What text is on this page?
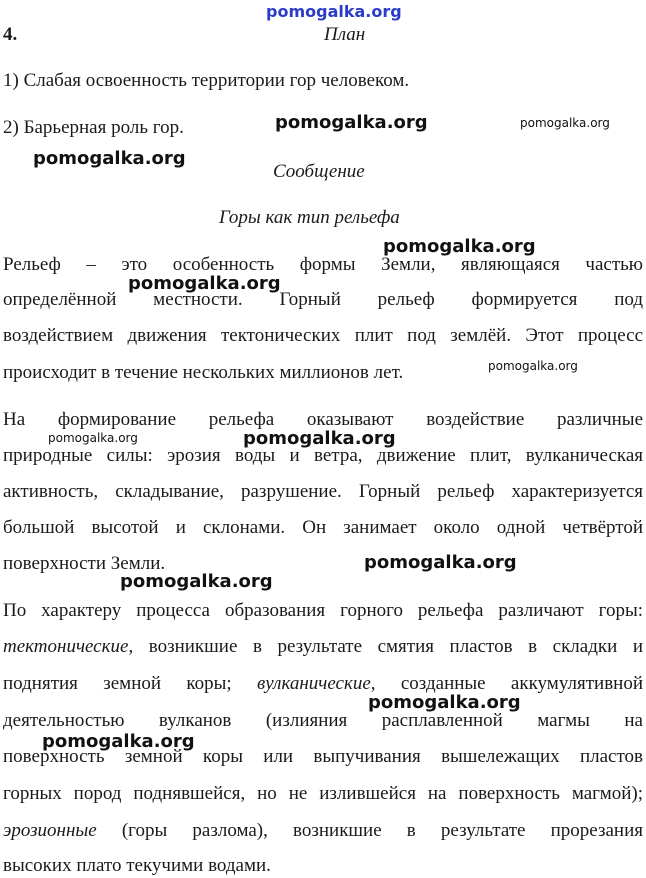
pomogalka.org
4.	План
1) Слабая освоенность территории гор человеком.
2) Барьерная роль гор.
Сообщение
Горы как тип рельефа
Рельеф – это особенность формы Земли, являющаяся частью
определённой местности. Горный рельеф формируется под
воздействием движения тектонических плит под землёй. Этот процесс
происходит в течение нескольких миллионов лет.
На формирование рельефа оказывают воздействие различные
природные силы: эрозия воды и ветра, движение плит, вулканическая
активность, складывание, разрушение. Горный рельеф характеризуется
большой высотой и склонами. Он занимает около одной четвёртой
поверхности Земли.
По характеру процесса образования горного рельефа различают горы:
тектонические, возникшие в результате смятия пластов в складки и
поднятия земной коры; вулканические, созданные аккумулятивной
деятельностью вулканов (излияния расплавленной магмы на
поверхность земной коры или выпучивания вышележащих пластов
горных пород поднявшейся, но не излившейся на поверхность магмой);
эрозионные (горы разлома), возникшие в результате прорезания
высоких плато текучими водами.
pomogalka.org	pomogalka.org
pomogalka.org
pomogalka.org
pomogalka.org
pomogalka.org
pomogalka.org	pomogalka.org
pomogalka.org
pomogalka.org
pomogalka.org
pomogalka.org
